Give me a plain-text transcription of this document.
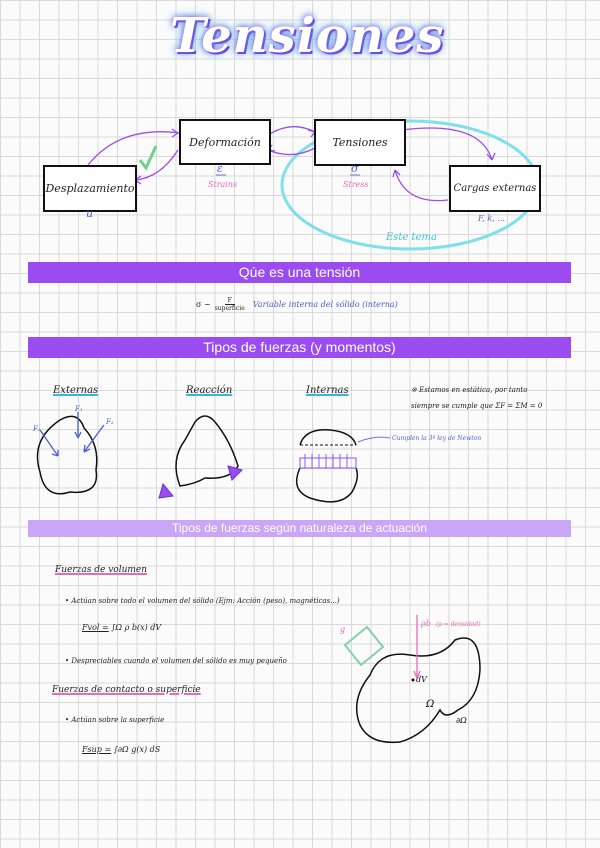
Tensiones
Deformación
Desplazamiento
Tensiones
Cargas externas
u
ε
Strains
σ
Stress
F, k, ...
Este tema
Qúe es una tensión
σ ~	F
superficie Variable interna del sólido (interna)
Tipos de fuerzas (y momentos)
Externas	Reacción	Internas	※ Estamos en estática, por tanto
siempre se cumple que ΣF = ΣM = 0
F₁
F₃
F₂
Cumplen la 3ª ley de Newton
Tipos de fuerzas según naturaleza de actuación
Fuerzas de volumen
• Actúan sobre todo el volumen del sólido (Ejm: Acción (peso), magnéticas...)
Fvol = ∫Ω ρ b(x) dV
• Despreciables cuando el volumen del sólido es muy pequeño
Fuerzas de contacto o superficie
• Actúan sobre la superficie
Fsup = ∫∂Ω g(x) dS
g
ρb (ρ = densidad)
dV
Ω
∂Ω
